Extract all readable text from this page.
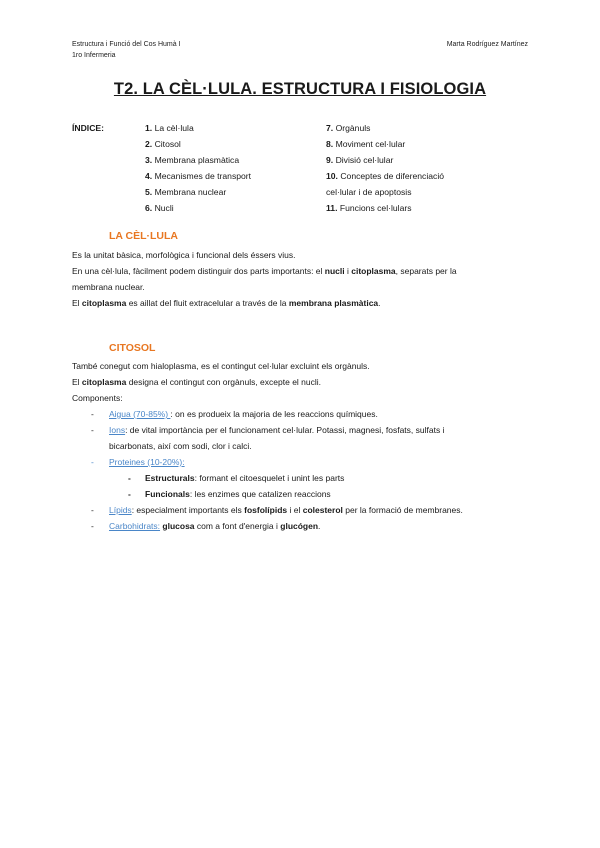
Estructura i Funció del Cos Humà I
1ro Infermeria
Marta Rodríguez Martínez
T2. LA CÈL·LULA. ESTRUCTURA I FISIOLOGIA
ÍNDICE:	1. La cèl·lula
2. Citosol
3. Membrana plasmàtica
4. Mecanismes de transport
5. Membrana nuclear
6. Nucli
7. Orgànuls
8. Moviment cel·lular
9. Divisió cel·lular
10. Conceptes de diferenciació
cel·lular i de apoptosis
11. Funcions cel·lulars
LA CÈL·LULA
Es la unitat bàsica, morfològica i funcional dels éssers vius.
En una cèl·lula, fàcilment podem distinguir dos parts importants: el nucli i citoplasma, separats per la
membrana nuclear.
El citoplasma es aillat del fluit extracelular a través de la membrana plasmàtica.
CITOSOL
També conegut com hialoplasma, es el contingut cel·lular excluint els orgànuls.
El citoplasma designa el contingut con orgànuls, excepte el nucli.
Components:
- Aigua (70-85%) : on es produeix la majoria de les reaccions químiques.
- Ions: de vital importància per el funcionament cel·lular. Potassi, magnesi, fosfats, sulfats i
bicarbonats, així com sodi, clor i calci.
- Proteines (10-20%):
- Estructurals: formant el citoesquelet i unint les parts
- Funcionals: les enzimes que catalizen reaccions
- Lípids: especialment importants els fosfolípids i el colesterol per la formació de membranes.
- Carbohidrats: glucosa com a font d'energia i glucógen.
